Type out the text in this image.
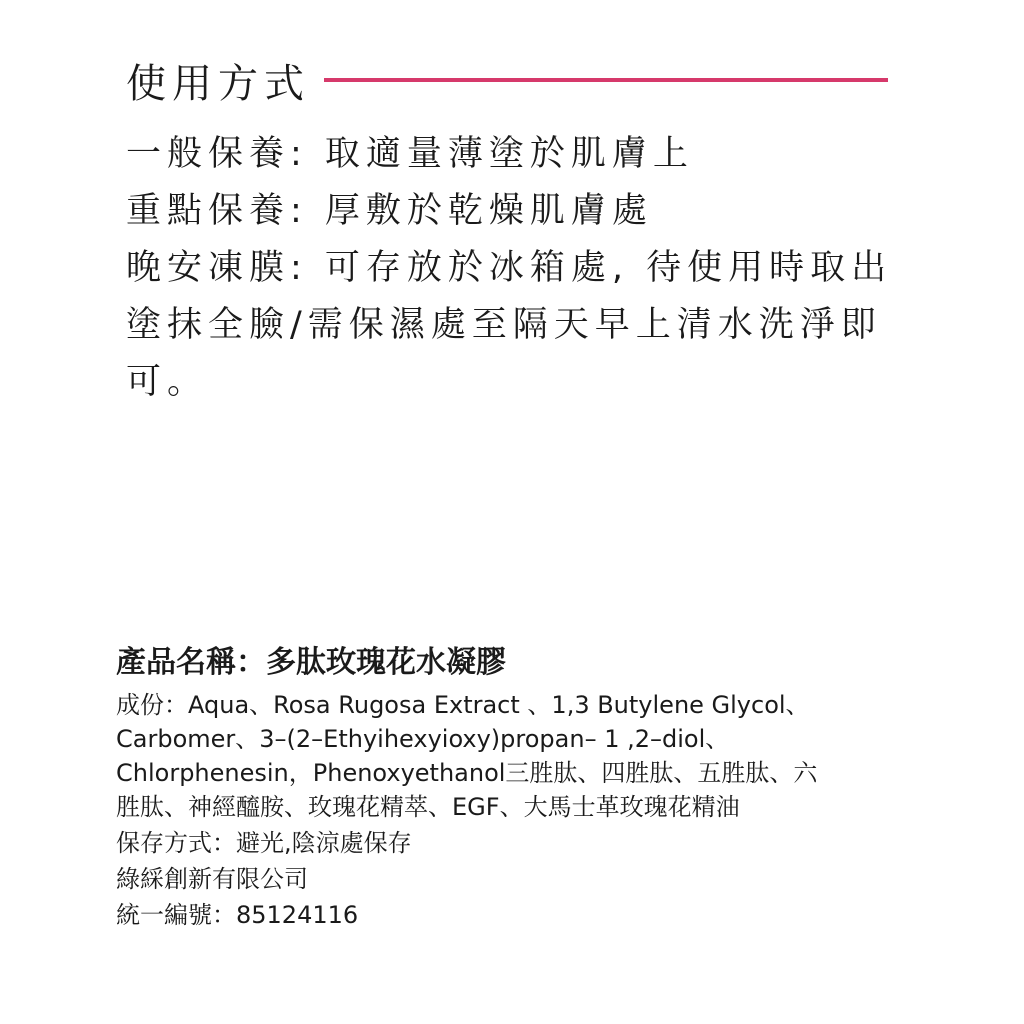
使用方式
一般保養: 取適量薄塗於肌膚上
重點保養: 厚敷於乾燥肌膚處
晚安凍膜: 可存放於冰箱處, 待使用時取出
塗抹全臉/需保濕處至隔天早上清水洗淨即
可。
產品名稱：多肽玫瑰花水凝膠
成份：Aqua、Rosa Rugosa Extract 、1,3 Butylene Glycol、
Carbomer、3–(2–Ethyihexyioxy)propan– 1 ,2–diol、
Chlorphenesin，Phenoxyethanol三胜肽、四胜肽、五胜肽、六
胜肽、神經醯胺、玫瑰花精萃、EGF、大馬士革玫瑰花精油
保存方式：避光,陰涼處保存
綠綵創新有限公司
統一編號：85124116
